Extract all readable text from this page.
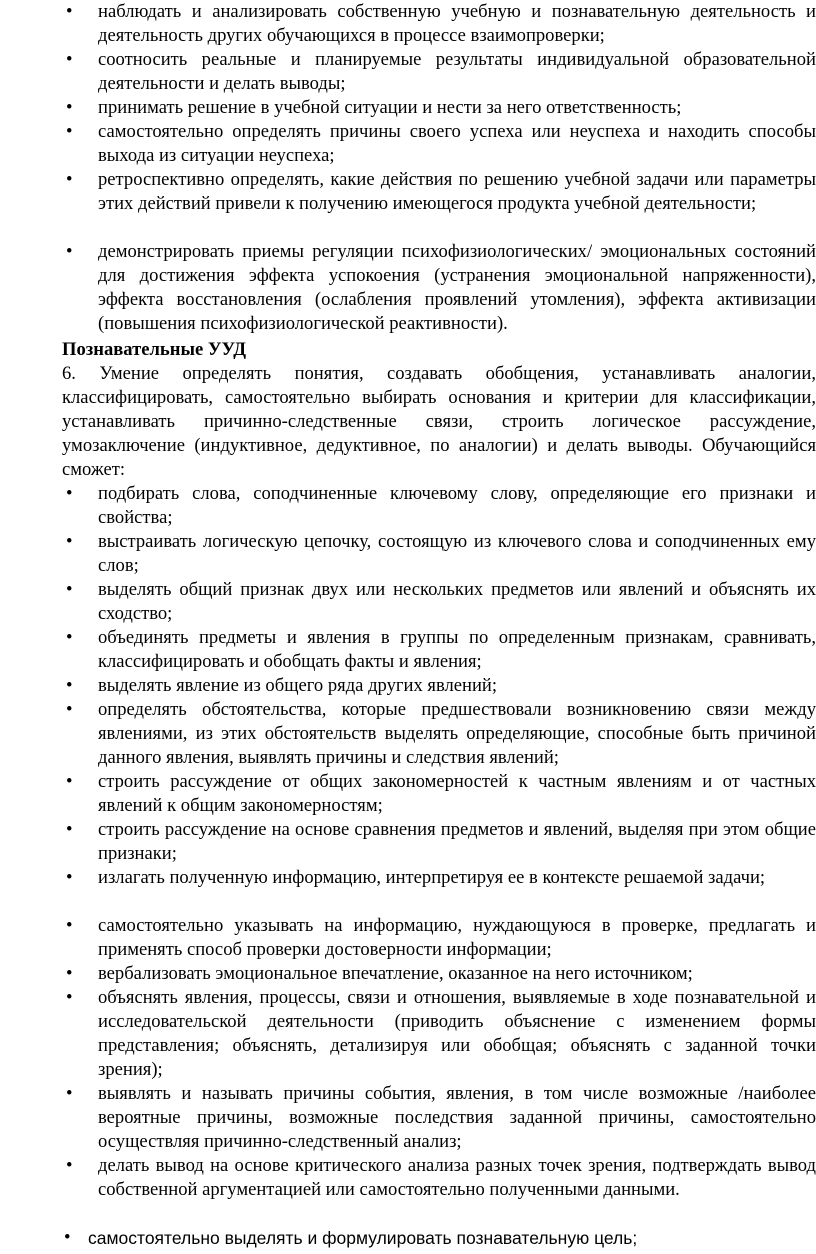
•	наблюдать и анализировать собственную учебную и познавательную деятельность и деятельность других обучающихся в процессе взаимопроверки;

•	соотносить реальные и планируемые результаты индивидуальной образовательной деятельности и делать выводы;

•	принимать решение в учебной ситуации и нести за него ответственность;

•	самостоятельно определять причины своего успеха или неуспеха и находить способы выхода из ситуации неуспеха;

•	ретроспективно определять, какие действия по решению учебной задачи или параметры этих действий привели к получению имеющегося продукта учебной деятельности;

•	демонстрировать приемы регуляции психофизиологических/ эмоциональных состояний для достижения эффекта успокоения (устранения эмоциональной напряженности), эффекта восстановления (ослабления проявлений утомления), эффекта активизации (повышения психофизиологической реактивности).

Познавательные УУД

6. Умение определять понятия, создавать обобщения, устанавливать аналогии, классифицировать, самостоятельно выбирать основания и критерии для классификации, устанавливать причинно-следственные связи, строить логическое рассуждение, умозаключение (индуктивное, дедуктивное, по аналогии) и делать выводы. Обучающийся сможет:

•	подбирать слова, соподчиненные ключевому слову, определяющие его признаки и свойства;

•	выстраивать логическую цепочку, состоящую из ключевого слова и соподчиненных ему слов;

•	выделять общий признак двух или нескольких предметов или явлений и объяснять их сходство;

•	объединять предметы и явления в группы по определенным признакам, сравнивать, классифицировать и обобщать факты и явления;

•	выделять явление из общего ряда других явлений;

•	определять обстоятельства, которые предшествовали возникновению связи между явлениями, из этих обстоятельств выделять определяющие, способные быть причиной данного явления, выявлять причины и следствия явлений;

•	строить рассуждение от общих закономерностей к частным явлениям и от частных явлений к общим закономерностям;

•	строить рассуждение на основе сравнения предметов и явлений, выделяя при этом общие признаки;

•	излагать полученную информацию, интерпретируя ее в контексте решаемой задачи;

•	самостоятельно указывать на информацию, нуждающуюся в проверке, предлагать и применять способ проверки достоверности информации;

•	вербализовать эмоциональное впечатление, оказанное на него источником;

•	объяснять явления, процессы, связи и отношения, выявляемые в ходе познавательной и исследовательской деятельности (приводить объяснение с изменением формы представления; объяснять, детализируя или обобщая; объяснять с заданной точки зрения);

•	выявлять и называть причины события, явления, в том числе возможные /наиболее вероятные причины, возможные последствия заданной причины, самостоятельно осуществляя причинно-следственный анализ;

•	делать вывод на основе критического анализа разных точек зрения, подтверждать вывод собственной аргументацией или самостоятельно полученными данными.

• самостоятельно выделять и формулировать познавательную цель;
